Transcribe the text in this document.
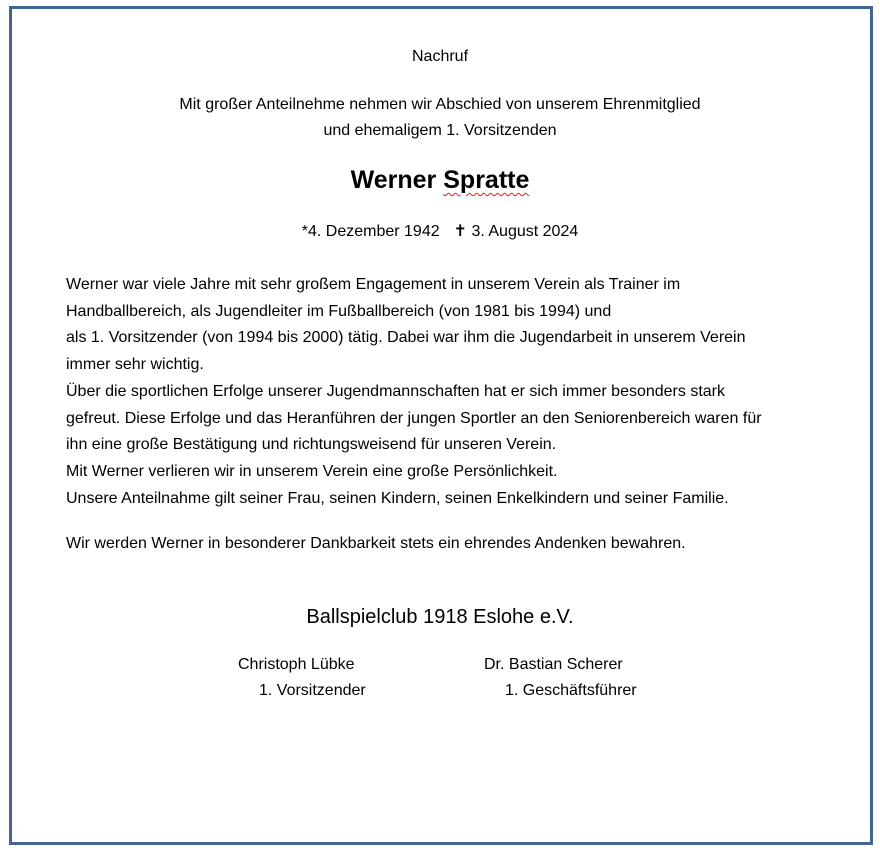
Nachruf
Mit großer Anteilnehme nehmen wir Abschied von unserem Ehrenmitglied
und ehemaligem 1. Vorsitzenden
Werner Spratte
*4. Dezember 1942 ✝ 3. August 2024
Werner war viele Jahre mit sehr großem Engagement in unserem Verein als Trainer im
Handballbereich, als Jugendleiter im Fußballbereich (von 1981 bis 1994) und
als 1. Vorsitzender (von 1994 bis 2000) tätig. Dabei war ihm die Jugendarbeit in unserem Verein
immer sehr wichtig.
Über die sportlichen Erfolge unserer Jugendmannschaften hat er sich immer besonders stark
gefreut. Diese Erfolge und das Heranführen der jungen Sportler an den Seniorenbereich waren für
ihn eine große Bestätigung und richtungsweisend für unseren Verein.
Mit Werner verlieren wir in unserem Verein eine große Persönlichkeit.
Unsere Anteilnahme gilt seiner Frau, seinen Kindern, seinen Enkelkindern und seiner Familie.
Wir werden Werner in besonderer Dankbarkeit stets ein ehrendes Andenken bewahren.
Ballspielclub 1918 Eslohe e.V.
Christoph Lübke
1. Vorsitzender
Dr. Bastian Scherer
1. Geschäftsführer
